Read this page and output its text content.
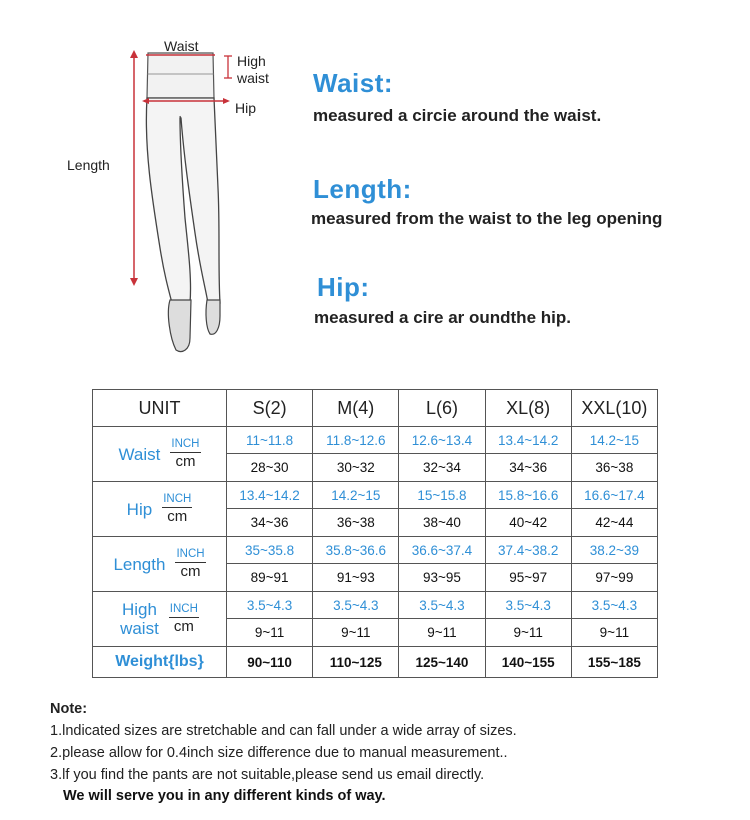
Waist
High
waist
Hip
Length
Waist:
measured a circie around the waist.
Length:
measured from the waist to the leg opening
Hip:
measured a cire ar oundthe hip.
UNIT	S(2)	M(4)	L(6)	XL(8)	XXL(10)

Waist $\frac{\text{INCH}}{cm}$	11~11.8	11.8~12.6	12.6~13.4	13.4~14.2	14.2~15
	28~30	30~32	32~34	34~36	36~38

Hip $\frac{\text{INCH}}{cm}$	13.4~14.2	14.2~15	15~15.8	15.8~16.6	16.6~17.4
	34~36	36~38	38~40	40~42	42~44

Length $\frac{\text{INCH}}{cm}$	35~35.8	35.8~36.6	36.6~37.4	37.4~38.2	38.2~39
	89~91	91~93	93~95	95~97	97~99

High
waist $\frac{\text{INCH}}{cm}$	3.5~4.3	3.5~4.3	3.5~4.3	3.5~4.3	3.5~4.3
	9~11	9~11	9~11	9~11	9~11
Weight{lbs}	90~110	110~125	125~140	140~155	155~185
Note:
1.lndicated sizes are stretchable and can fall under a wide array of sizes.
2.please allow for 0.4inch size difference due to manual measurement..
3.lf you find the pants are not suitable,please send us email directly.
We will serve you in any different kinds of way.
